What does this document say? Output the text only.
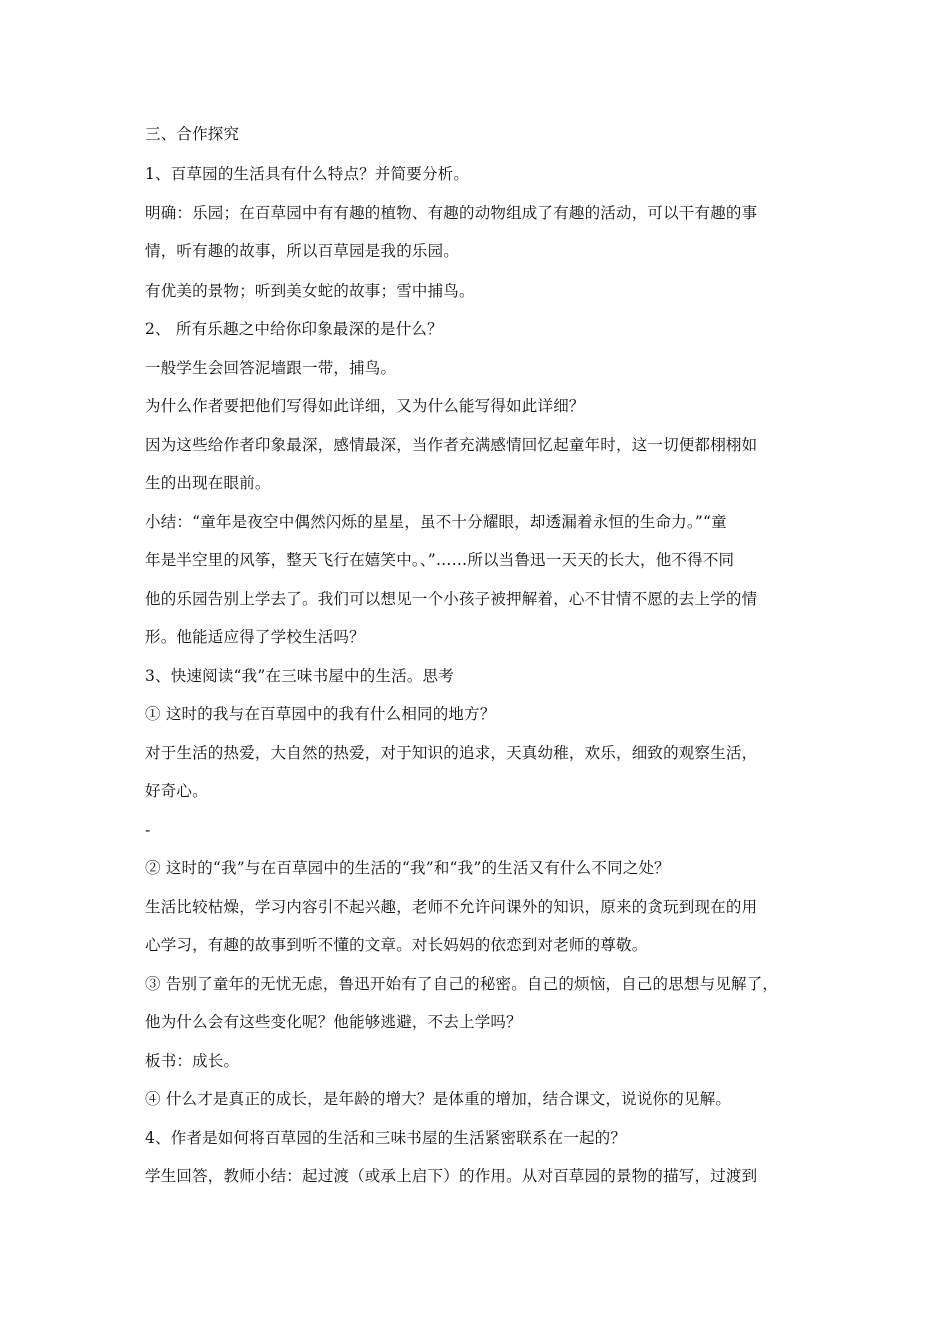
三、合作探究
1、百草园的生活具有什么特点？并简要分析。
明确：乐园；在百草园中有有趣的植物、有趣的动物组成了有趣的活动，可以干有趣的事
情，听有趣的故事，所以百草园是我的乐园。
有优美的景物；听到美女蛇的故事；雪中捕鸟。
2、 所有乐趣之中给你印象最深的是什么？
一般学生会回答泥墙跟一带，捕鸟。
为什么作者要把他们写得如此详细，又为什么能写得如此详细？
因为这些给作者印象最深，感情最深，当作者充满感情回忆起童年时，这一切便都栩栩如
生的出现在眼前。
小结：“童年是夜空中偶然闪烁的星星，虽不十分耀眼，却透漏着永恒的生命力。”“童
年是半空里的风筝，整天飞行在嬉笑中。、”……所以当鲁迅一天天的长大，他不得不同
他的乐园告别上学去了。我们可以想见一个小孩子被押解着，心不甘情不愿的去上学的情
形。他能适应得了学校生活吗？
3、快速阅读“我”在三味书屋中的生活。思考
① 这时的我与在百草园中的我有什么相同的地方？
对于生活的热爱，大自然的热爱，对于知识的追求，天真幼稚，欢乐，细致的观察生活，
好奇心。
-
② 这时的“我”与在百草园中的生活的“我”和“我”的生活又有什么不同之处？
生活比较枯燥，学习内容引不起兴趣，老师不允许问课外的知识，原来的贪玩到现在的用
心学习，有趣的故事到听不懂的文章。对长妈妈的依恋到对老师的尊敬。
③ 告别了童年的无忧无虑，鲁迅开始有了自己的秘密。自己的烦恼，自己的思想与见解了，
他为什么会有这些变化呢？他能够逃避，不去上学吗？
板书：成长。
④ 什么才是真正的成长，是年龄的增大？是体重的增加，结合课文，说说你的见解。
4、作者是如何将百草园的生活和三味书屋的生活紧密联系在一起的？
学生回答，教师小结：起过渡（或承上启下）的作用。从对百草园的景物的描写，过渡到
